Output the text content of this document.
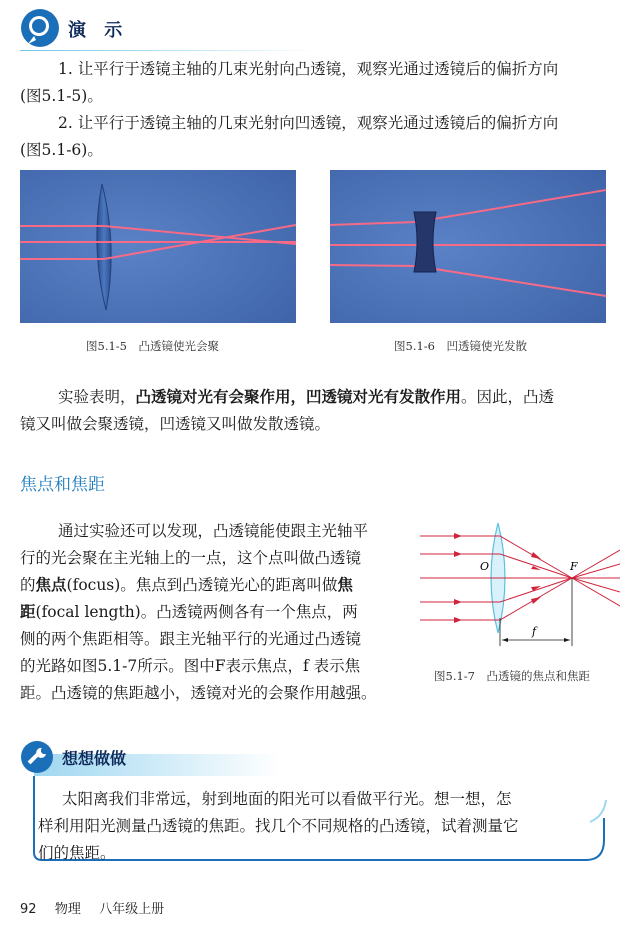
演 示
1. 让平行于透镜主轴的几束光射向凸透镜，观察光通过透镜后的偏折方向
(图5.1-5)。
2. 让平行于透镜主轴的几束光射向凹透镜，观察光通过透镜后的偏折方向
(图5.1-6)。
图5.1-5　凸透镜使光会聚	图5.1-6　凹透镜使光发散
实验表明，凸透镜对光有会聚作用，凹透镜对光有发散作用。因此，凸透
镜又叫做会聚透镜，凹透镜又叫做发散透镜。
焦点和焦距
通过实验还可以发现，凸透镜能使跟主光轴平
行的光会聚在主光轴上的一点，这个点叫做凸透镜
的焦点(focus)。焦点到凸透镜光心的距离叫做焦
距(focal length)。凸透镜两侧各有一个焦点，两
侧的两个焦距相等。跟主光轴平行的光通过凸透镜
的光路如图5.1-7所示。图中F表示焦点，f 表示焦
距。凸透镜的焦距越小，透镜对光的会聚作用越强。
O	F
f
图5.1-7　凸透镜的焦点和焦距
想想做做
太阳离我们非常远，射到地面的阳光可以看做平行光。想一想，怎
样利用阳光测量凸透镜的焦距。找几个不同规格的凸透镜，试着测量它
们的焦距。
92 物理 八年级上册
